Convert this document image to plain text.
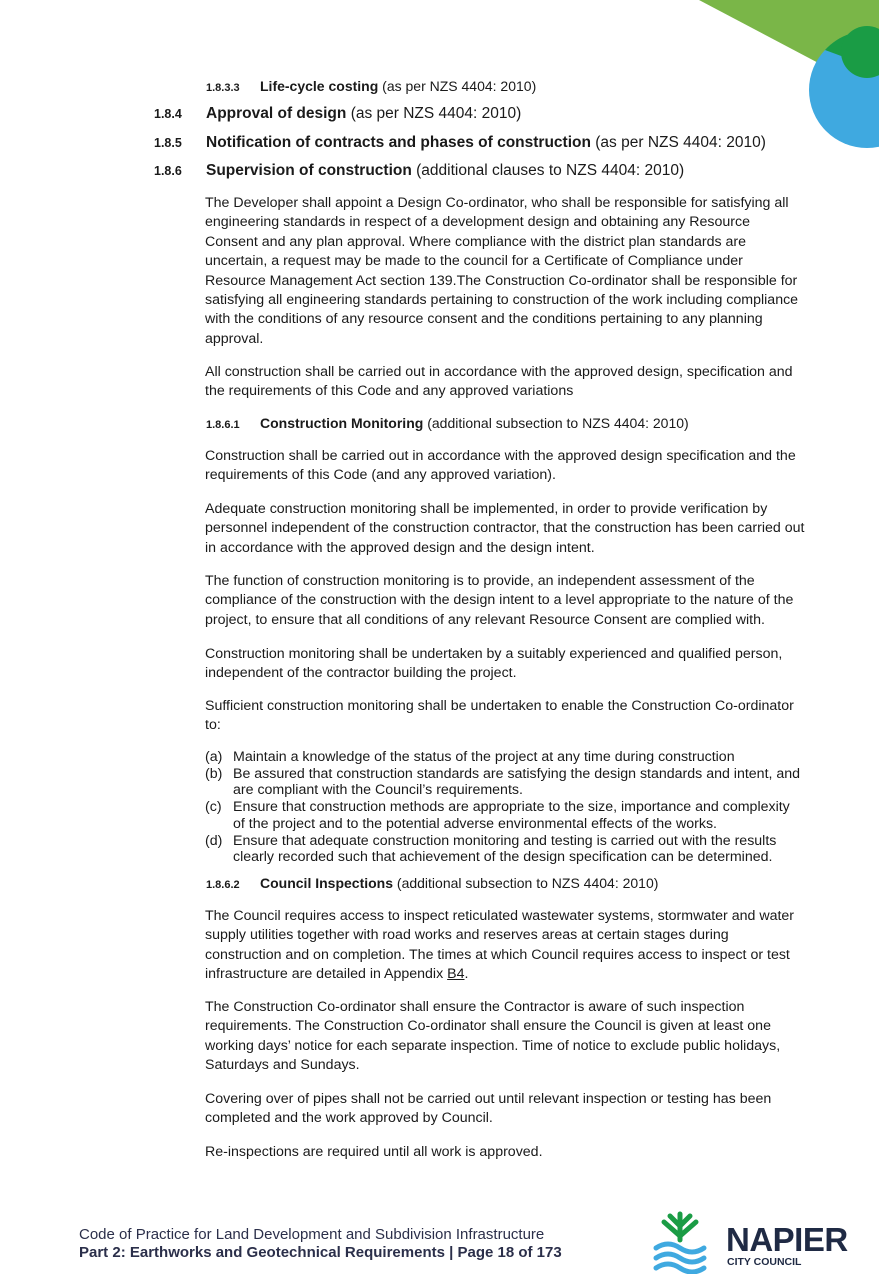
1.8.3.3 Life-cycle costing (as per NZS 4404: 2010)
1.8.4 Approval of design (as per NZS 4404: 2010)
1.8.5 Notification of contracts and phases of construction (as per NZS 4404: 2010)
1.8.6 Supervision of construction (additional clauses to NZS 4404: 2010)

The Developer shall appoint a Design Co-ordinator, who shall be responsible for satisfying all engineering standards in respect of a development design and obtaining any Resource Consent and any plan approval. Where compliance with the district plan standards are uncertain, a request may be made to the council for a Certificate of Compliance under Resource Management Act section 139.The Construction Co-ordinator shall be responsible for satisfying all engineering standards pertaining to construction of the work including compliance with the conditions of any resource consent and the conditions pertaining to any planning approval.

All construction shall be carried out in accordance with the approved design, specification and the requirements of this Code and any approved variations

1.8.6.1 Construction Monitoring (additional subsection to NZS 4404: 2010)

Construction shall be carried out in accordance with the approved design specification and the requirements of this Code (and any approved variation).

Adequate construction monitoring shall be implemented, in order to provide verification by personnel independent of the construction contractor, that the construction has been carried out in accordance with the approved design and the design intent.

The function of construction monitoring is to provide, an independent assessment of the compliance of the construction with the design intent to a level appropriate to the nature of the project, to ensure that all conditions of any relevant Resource Consent are complied with.

Construction monitoring shall be undertaken by a suitably experienced and qualified person, independent of the contractor building the project.

Sufficient construction monitoring shall be undertaken to enable the Construction Co-ordinator to:

(a) Maintain a knowledge of the status of the project at any time during construction
(b) Be assured that construction standards are satisfying the design standards and intent, and are compliant with the Council’s requirements.
(c) Ensure that construction methods are appropriate to the size, importance and complexity of the project and to the potential adverse environmental effects of the works.
(d) Ensure that adequate construction monitoring and testing is carried out with the results clearly recorded such that achievement of the design specification can be determined.
1.8.6.2 Council Inspections (additional subsection to NZS 4404: 2010)

The Council requires access to inspect reticulated wastewater systems, stormwater and water supply utilities together with road works and reserves areas at certain stages during construction and on completion. The times at which Council requires access to inspect or test infrastructure are detailed in Appendix B4.

The Construction Co-ordinator shall ensure the Contractor is aware of such inspection requirements. The Construction Co-ordinator shall ensure the Council is given at least one working days’ notice for each separate inspection. Time of notice to exclude public holidays, Saturdays and Sundays.

Covering over of pipes shall not be carried out until relevant inspection or testing has been completed and the work approved by Council.

Re-inspections are required until all work is approved.

Code of Practice for Land Development and Subdivision Infrastructure
Part 2: Earthworks and Geotechnical Requirements | Page 18 of 173	NAPIER
CITY COUNCIL
